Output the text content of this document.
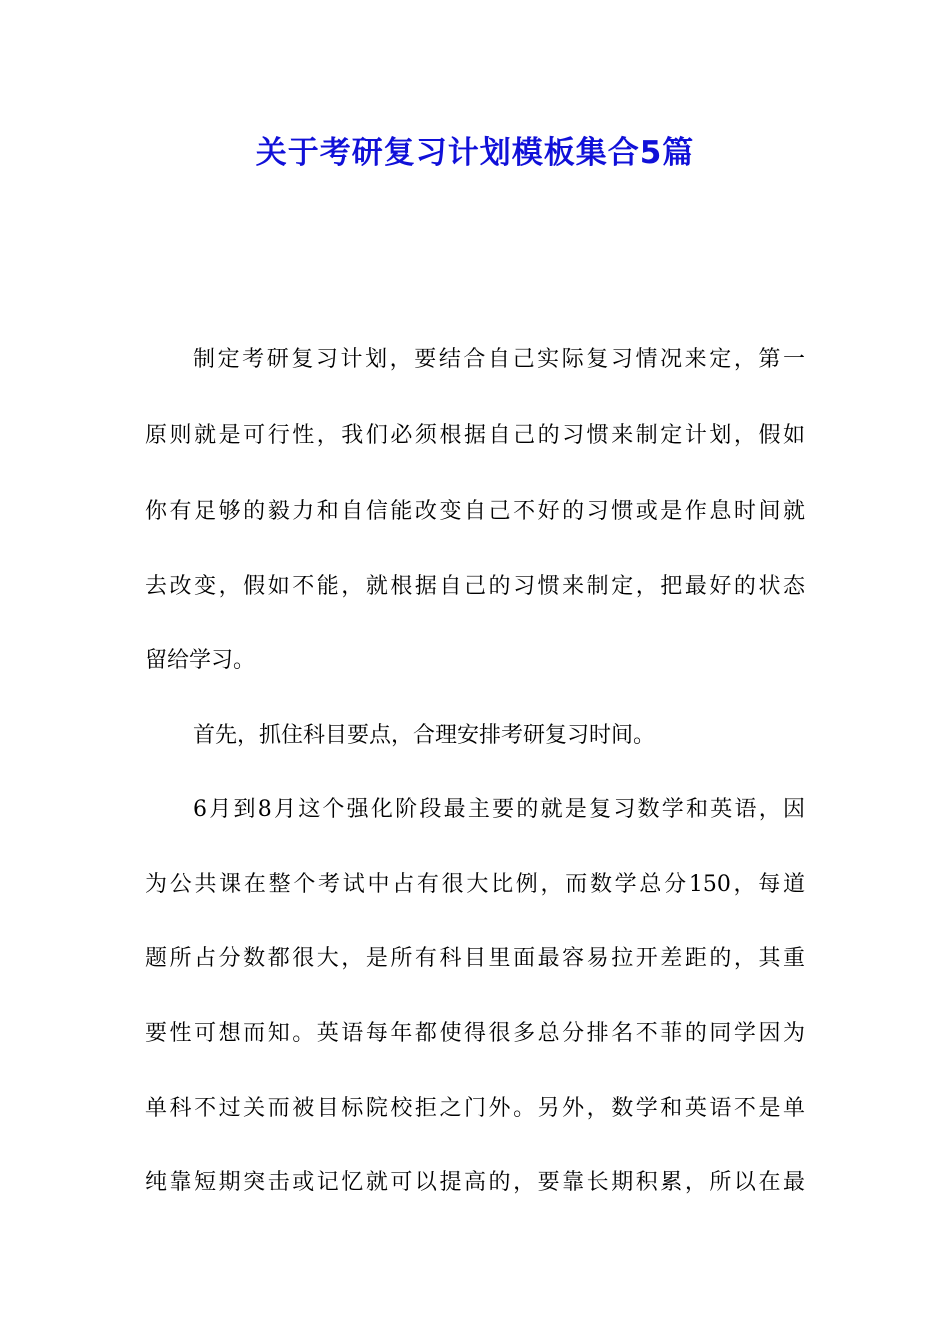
关于考研复习计划模板集合5篇
制定考研复习计划，要结合自己实际复习情况来定，第一
原则就是可行性，我们必须根据自己的习惯来制定计划，假如
你有足够的毅力和自信能改变自己不好的习惯或是作息时间就
去改变，假如不能，就根据自己的习惯来制定，把最好的状态
留给学习。
首先，抓住科目要点，合理安排考研复习时间。
6月到8月这个强化阶段最主要的就是复习数学和英语，因
为公共课在整个考试中占有很大比例，而数学总分150，每道
题所占分数都很大，是所有科目里面最容易拉开差距的，其重
要性可想而知。英语每年都使得很多总分排名不菲的同学因为
单科不过关而被目标院校拒之门外。另外，数学和英语不是单
纯靠短期突击或记忆就可以提高的，要靠长期积累，所以在最
